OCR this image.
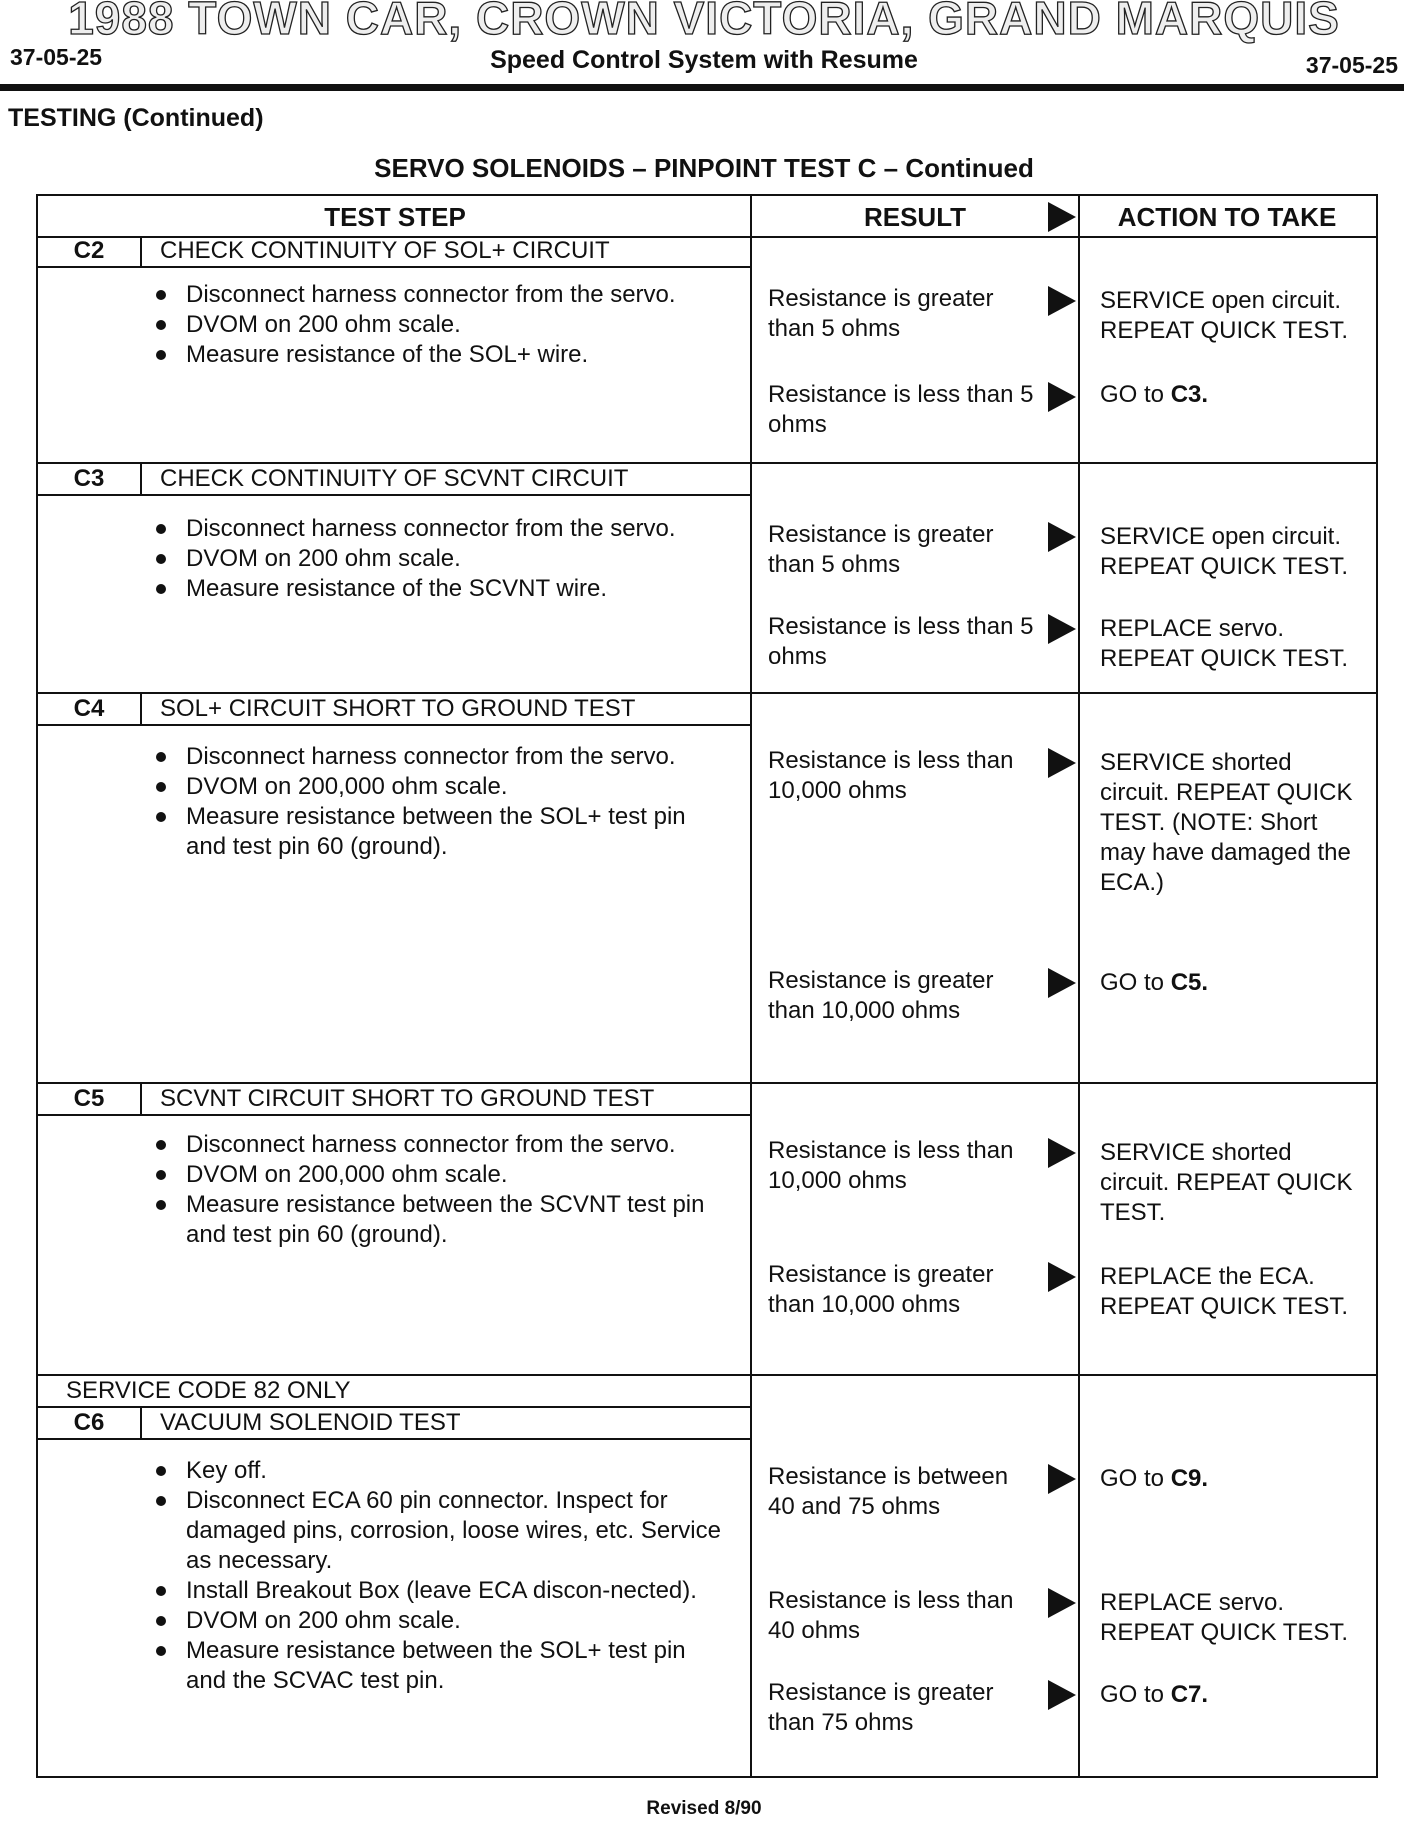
1988 TOWN CAR, CROWN VICTORIA, GRAND MARQUIS
37-05-25	Speed Control System with Resume	37-05-25
TESTING (Continued)
SERVO SOLENOIDS – PINPOINT TEST C – Continued
TEST STEP	RESULT	ACTION TO TAKE
C2	CHECK CONTINUITY OF SOL+ CIRCUIT
Disconnect harness connector from the servo.
DVOM on 200 ohm scale.
Measure resistance of the SOL+ wire.
Resistance is greater than 5 ohms
SERVICE open circuit. REPEAT QUICK TEST.
Resistance is less than 5 ohms
GO to C3.
C3	CHECK CONTINUITY OF SCVNT CIRCUIT
Disconnect harness connector from the servo.
DVOM on 200 ohm scale.
Measure resistance of the SCVNT wire.
Resistance is greater than 5 ohms
SERVICE open circuit. REPEAT QUICK TEST.
Resistance is less than 5 ohms
REPLACE servo. REPEAT QUICK TEST.
C4	SOL+ CIRCUIT SHORT TO GROUND TEST
Disconnect harness connector from the servo.
DVOM on 200,000 ohm scale.
Measure resistance between the SOL+ test pin and test pin 60 (ground).
Resistance is less than 10,000 ohms
SERVICE shorted circuit. REPEAT QUICK TEST. (NOTE: Short may have damaged the ECA.)
Resistance is greater than 10,000 ohms
GO to C5.
C5	SCVNT CIRCUIT SHORT TO GROUND TEST
Disconnect harness connector from the servo.
DVOM on 200,000 ohm scale.
Measure resistance between the SCVNT test pin and test pin 60 (ground).
Resistance is less than 10,000 ohms
SERVICE shorted circuit. REPEAT QUICK TEST.
Resistance is greater than 10,000 ohms
REPLACE the ECA. REPEAT QUICK TEST.
SERVICE CODE 82 ONLY
C6	VACUUM SOLENOID TEST
Key off.
Disconnect ECA 60 pin connector. Inspect for damaged pins, corrosion, loose wires, etc. Service as necessary.
Install Breakout Box (leave ECA discon-nected).
DVOM on 200 ohm scale.
Measure resistance between the SOL+ test pin and the SCVAC test pin.
Resistance is between 40 and 75 ohms
GO to C9.
Resistance is less than 40 ohms
REPLACE servo. REPEAT QUICK TEST.
Resistance is greater than 75 ohms
GO to C7.
Revised 8/90
